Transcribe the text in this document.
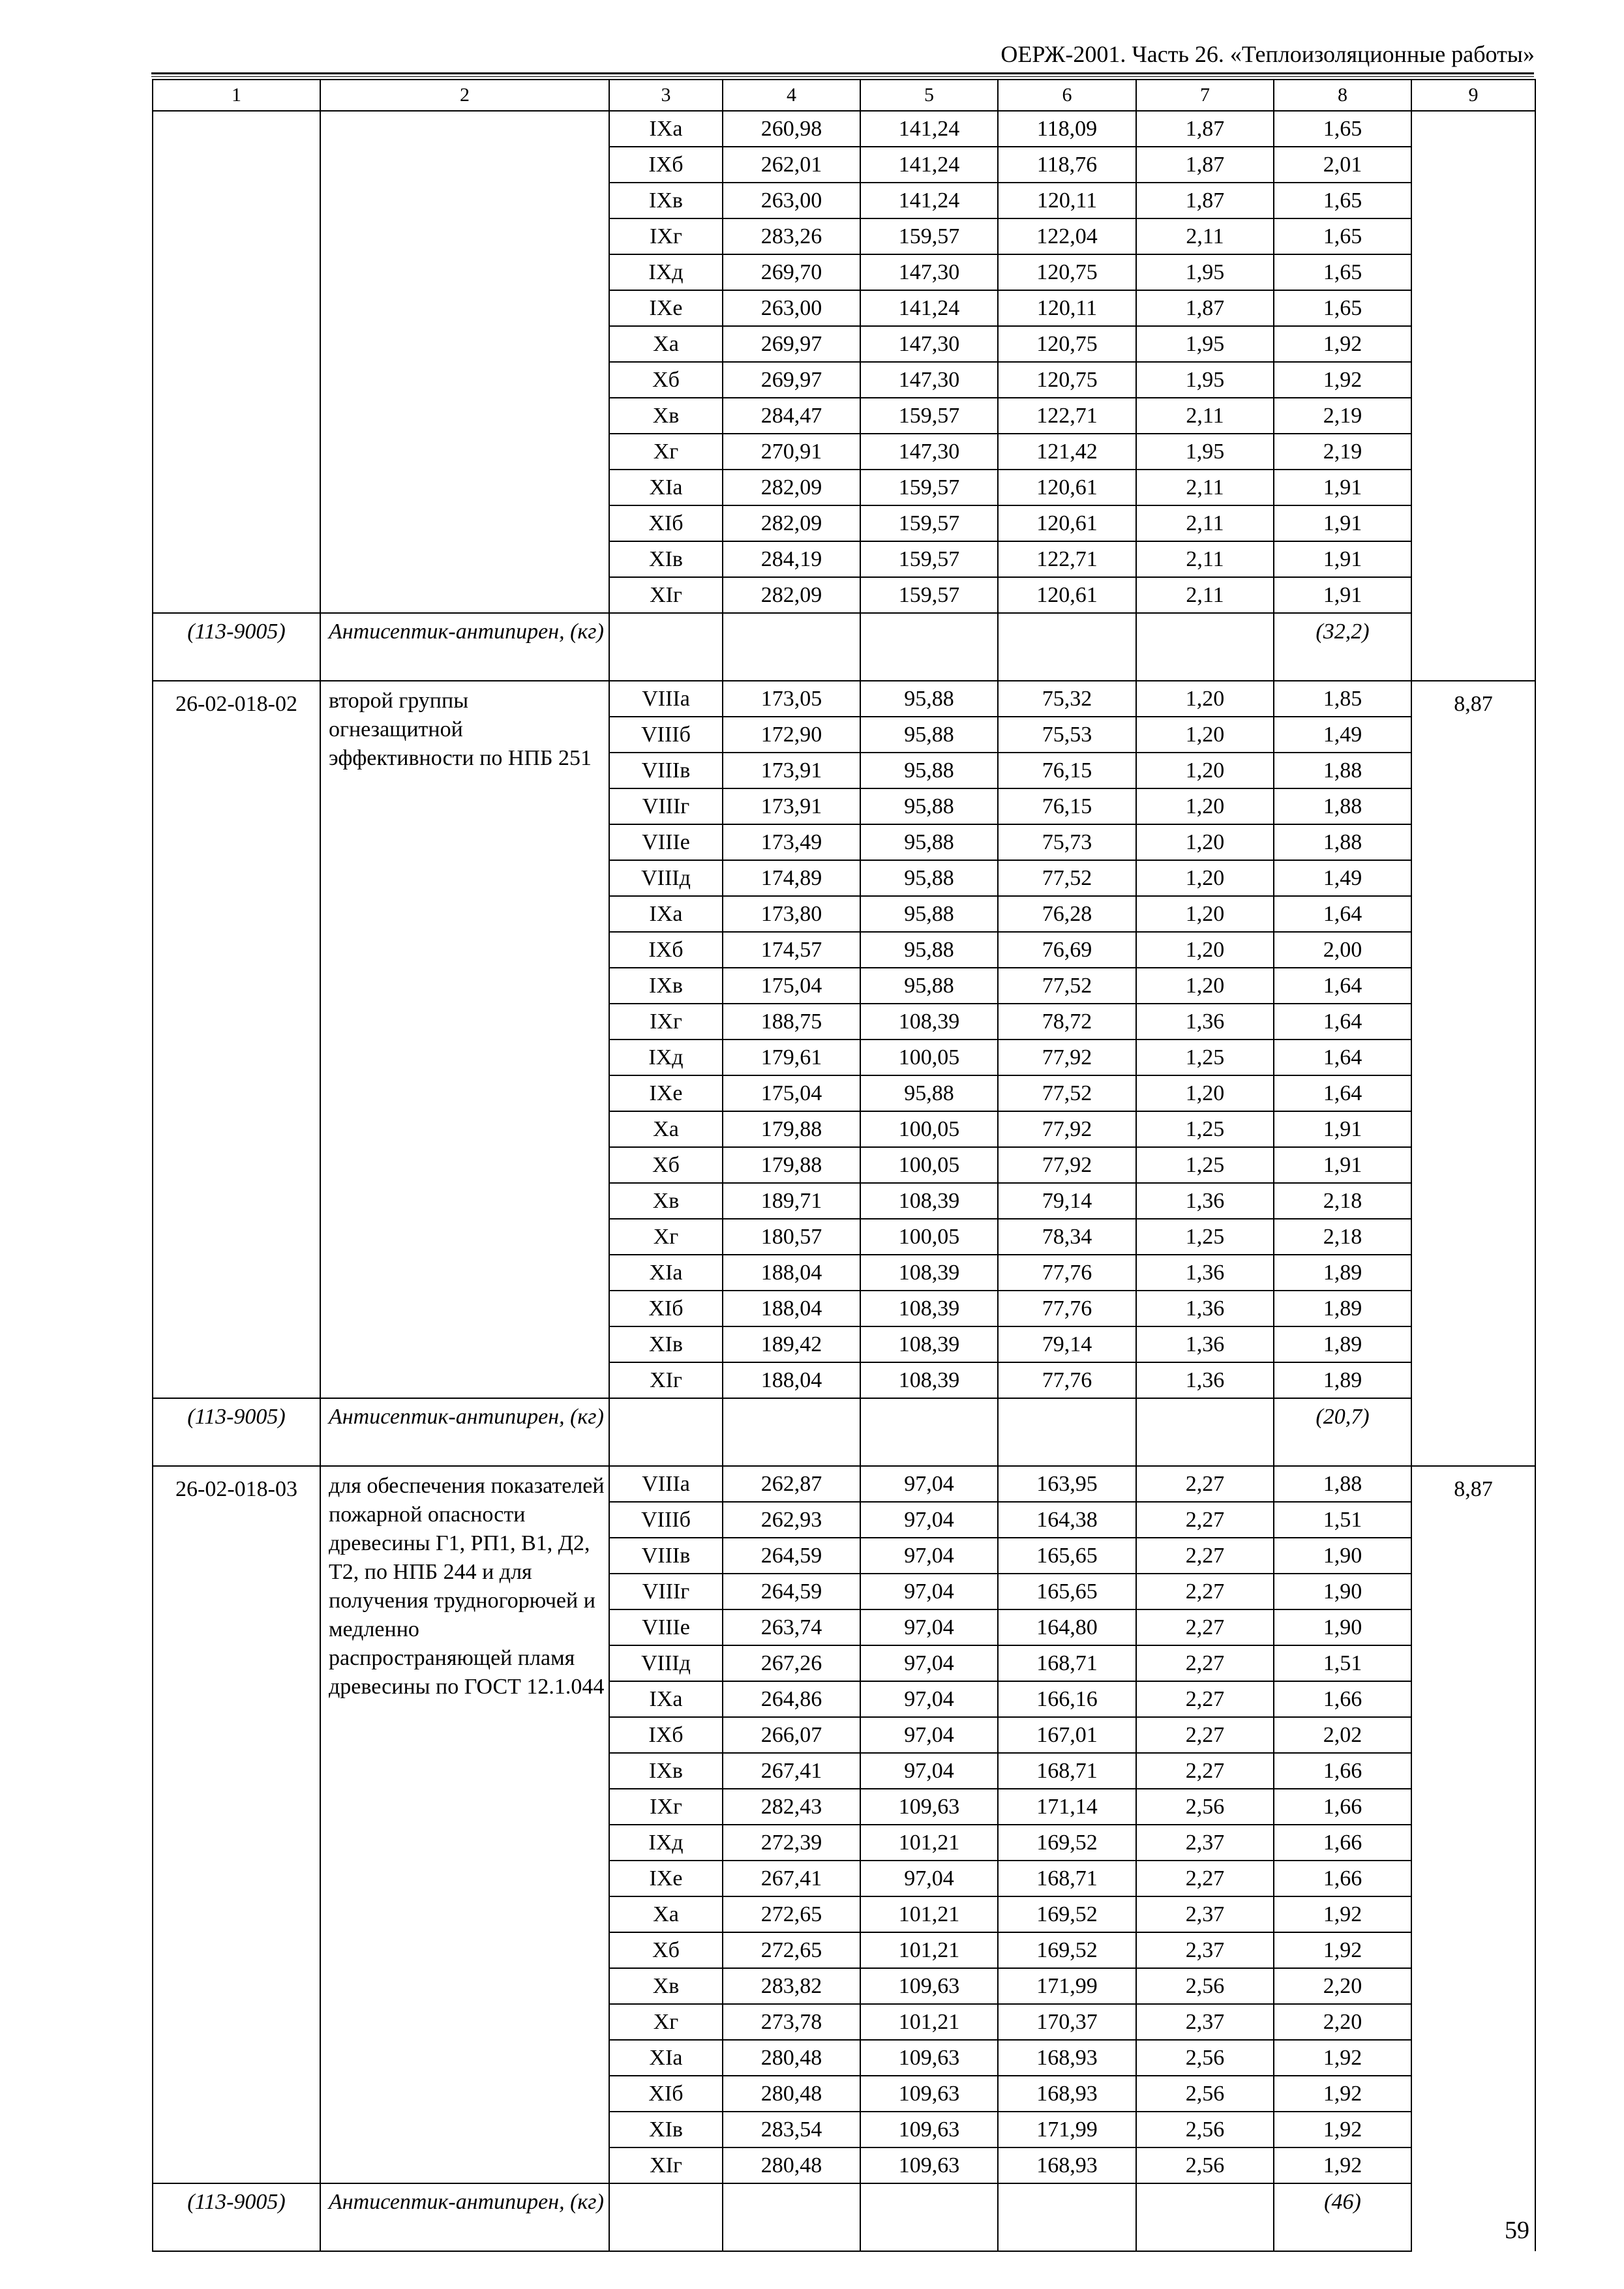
ОЕРЖ-2001. Часть 26. «Теплоизоляционные работы»
1	2	3	4	5	6	7	8	9
		IXа	260,98	141,24	118,09	1,87	1,65	
		IXб	262,01	141,24	118,76	1,87	2,01	
		IXв	263,00	141,24	120,11	1,87	1,65	
		IXг	283,26	159,57	122,04	2,11	1,65	
		IXд	269,70	147,30	120,75	1,95	1,65	
		IXе	263,00	141,24	120,11	1,87	1,65	
		Xа	269,97	147,30	120,75	1,95	1,92	
		Xб	269,97	147,30	120,75	1,95	1,92	
		Xв	284,47	159,57	122,71	2,11	2,19	
		Xг	270,91	147,30	121,42	1,95	2,19	
		XIа	282,09	159,57	120,61	2,11	1,91	
		XIб	282,09	159,57	120,61	2,11	1,91	
		XIв	284,19	159,57	122,71	2,11	1,91	
		XIг	282,09	159,57	120,61	2,11	1,91	
(113-9005)	Антисептик-антипирен, (кг)						(32,2)	
26-02-018-02	второй группы огнезащитной эффективности по НПБ 251	VIIIа	173,05	95,88	75,32	1,20	1,85	8,87
		VIIIб	172,90	95,88	75,53	1,20	1,49	
		VIIIв	173,91	95,88	76,15	1,20	1,88	
		VIIIг	173,91	95,88	76,15	1,20	1,88	
		VIIIе	173,49	95,88	75,73	1,20	1,88	
		VIIIд	174,89	95,88	77,52	1,20	1,49	
		IXа	173,80	95,88	76,28	1,20	1,64	
		IXб	174,57	95,88	76,69	1,20	2,00	
		IXв	175,04	95,88	77,52	1,20	1,64	
		IXг	188,75	108,39	78,72	1,36	1,64	
		IXд	179,61	100,05	77,92	1,25	1,64	
		IXе	175,04	95,88	77,52	1,20	1,64	
		Xа	179,88	100,05	77,92	1,25	1,91	
		Xб	179,88	100,05	77,92	1,25	1,91	
		Xв	189,71	108,39	79,14	1,36	2,18	
		Xг	180,57	100,05	78,34	1,25	2,18	
		XIа	188,04	108,39	77,76	1,36	1,89	
		XIб	188,04	108,39	77,76	1,36	1,89	
		XIв	189,42	108,39	79,14	1,36	1,89	
		XIг	188,04	108,39	77,76	1,36	1,89	
(113-9005)	Антисептик-антипирен, (кг)						(20,7)	
26-02-018-03	для обеспечения показателей пожарной опасности древесины Г1, РП1, В1, Д2, Т2, по НПБ 244 и для получения трудногорючей и медленно распространяющей пламя древесины по ГОСТ 12.1.044	VIIIа	262,87	97,04	163,95	2,27	1,88	8,87
		VIIIб	262,93	97,04	164,38	2,27	1,51	
		VIIIв	264,59	97,04	165,65	2,27	1,90	
		VIIIг	264,59	97,04	165,65	2,27	1,90	
		VIIIе	263,74	97,04	164,80	2,27	1,90	
		VIIIд	267,26	97,04	168,71	2,27	1,51	
		IXа	264,86	97,04	166,16	2,27	1,66	
		IXб	266,07	97,04	167,01	2,27	2,02	
		IXв	267,41	97,04	168,71	2,27	1,66	
		IXг	282,43	109,63	171,14	2,56	1,66	
		IXд	272,39	101,21	169,52	2,37	1,66	
		IXе	267,41	97,04	168,71	2,27	1,66	
		Xа	272,65	101,21	169,52	2,37	1,92	
		Xб	272,65	101,21	169,52	2,37	1,92	
		Xв	283,82	109,63	171,99	2,56	2,20	
		Xг	273,78	101,21	170,37	2,37	2,20	
		XIа	280,48	109,63	168,93	2,56	1,92	
		XIб	280,48	109,63	168,93	2,56	1,92	
		XIв	283,54	109,63	171,99	2,56	1,92	
		XIг	280,48	109,63	168,93	2,56	1,92	
(113-9005)	Антисептик-антипирен, (кг)						(46)	
59
